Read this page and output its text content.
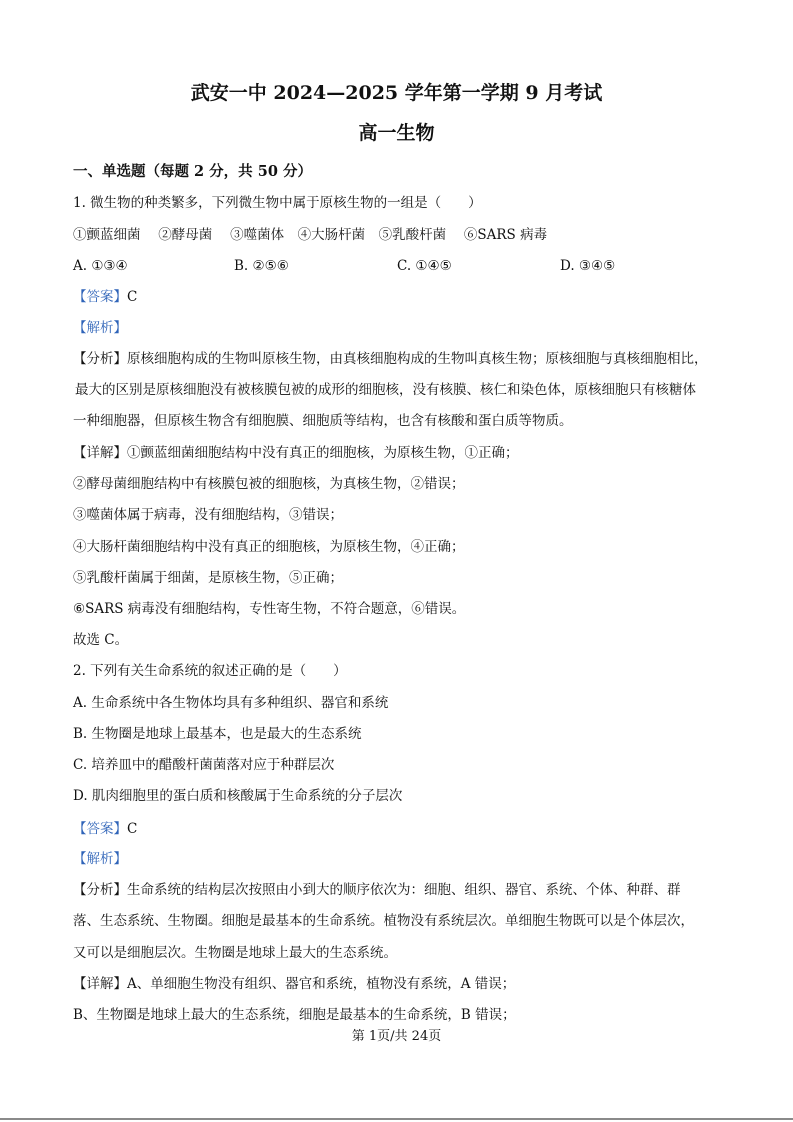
武安一中 2024—2025 学年第一学期 9 月考试
高一生物
一、单选题（每题 2 分，共 50 分）
1. 微生物的种类繁多，下列微生物中属于原核生物的一组是（　　）
①颤蓝细菌　 ②酵母菌　 ③噬菌体　④大肠杆菌　⑤乳酸杆菌　 ⑥SARS 病毒
A. ①③④	B. ②⑤⑥	C. ①④⑤	D. ③④⑤
【答案】C
【解析】
【分析】原核细胞构成的生物叫原核生物，由真核细胞构成的生物叫真核生物；原核细胞与真核细胞相比，
最大的区别是原核细胞没有被核膜包被的成形的细胞核，没有核膜、核仁和染色体，原核细胞只有核糖体
一种细胞器，但原核生物含有细胞膜、细胞质等结构，也含有核酸和蛋白质等物质。
【详解】①颤蓝细菌细胞结构中没有真正的细胞核，为原核生物，①正确；
②酵母菌细胞结构中有核膜包被的细胞核，为真核生物，②错误；
③噬菌体属于病毒，没有细胞结构，③错误；
④大肠杆菌细胞结构中没有真正的细胞核，为原核生物，④正确；
⑤乳酸杆菌属于细菌，是原核生物，⑤正确；
⑥SARS 病毒没有细胞结构，专性寄生物，不符合题意，⑥错误。
故选 C。
2. 下列有关生命系统的叙述正确的是（　　）
A. 生命系统中各生物体均具有多种组织、器官和系统
B. 生物圈是地球上最基本，也是最大的生态系统
C. 培养皿中的醋酸杆菌菌落对应于种群层次
D. 肌肉细胞里的蛋白质和核酸属于生命系统的分子层次
【答案】C
【解析】
【分析】生命系统的结构层次按照由小到大的顺序依次为：细胞、组织、器官、系统、个体、种群、群
落、生态系统、生物圈。细胞是最基本的生命系统。植物没有系统层次。单细胞生物既可以是个体层次，
又可以是细胞层次。生物圈是地球上最大的生态系统。
【详解】A、单细胞生物没有组织、器官和系统，植物没有系统，A 错误；
B、生物圈是地球上最大的生态系统，细胞是最基本的生命系统，B 错误；
第 1页/共 24页
